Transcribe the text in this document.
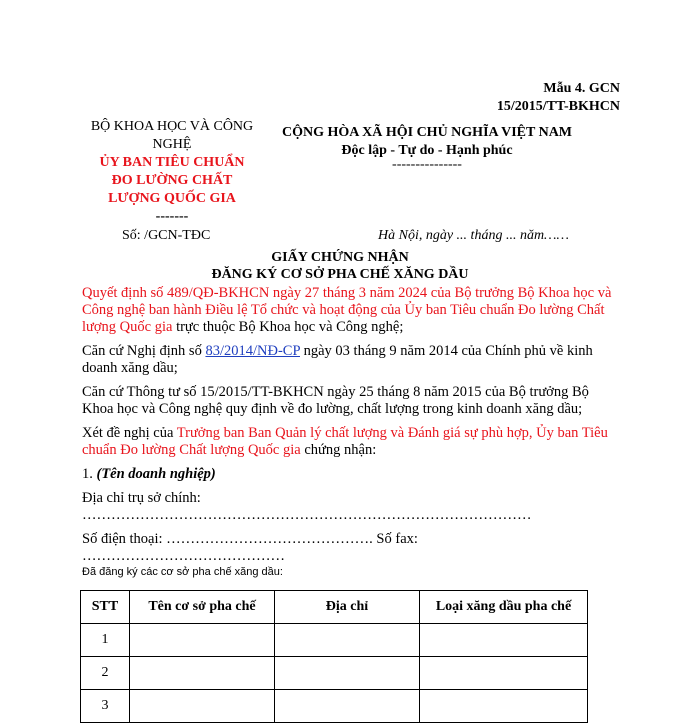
Mẫu 4. GCN
15/2015/TT-BKHCN
BỘ KHOA HỌC VÀ CÔNG
NGHỆ
ỦY BAN TIÊU CHUẨN
ĐO LƯỜNG CHẤT
LƯỢNG QUỐC GIA
-------
CỘNG HÒA XÃ HỘI CHỦ NGHĨA VIỆT NAM
Độc lập - Tự do - Hạnh phúc
---------------
Số: /GCN-TĐC	Hà Nội, ngày ... tháng ... năm……
GIẤY CHỨNG NHẬN
ĐĂNG KÝ CƠ SỞ PHA CHẾ XĂNG DẦU

Quyết định số 489/QĐ-BKHCN ngày 27 tháng 3 năm 2024 của Bộ trưởng Bộ Khoa học và Công nghệ ban hành Điều lệ Tổ chức và hoạt động của Ủy ban Tiêu chuẩn Đo lường Chất lượng Quốc gia trực thuộc Bộ Khoa học và Công nghệ;

Căn cứ Nghị định số 83/2014/NĐ-CP ngày 03 tháng 9 năm 2014 của Chính phủ về kinh doanh xăng dầu;

Căn cứ Thông tư số 15/2015/TT-BKHCN ngày 25 tháng 8 năm 2015 của Bộ trưởng Bộ Khoa học và Công nghệ quy định về đo lường, chất lượng trong kinh doanh xăng dầu;

Xét đề nghị của Trưởng ban Ban Quản lý chất lượng và Đánh giá sự phù hợp, Ủy ban Tiêu chuẩn Đo lường Chất lượng Quốc gia chứng nhận:

1. (Tên doanh nghiệp)

Địa chỉ trụ sở chính:

…………………………………………………………………………………

Số điện thoại: ……………………………………. Số fax:

……………………………………

Đã đăng ký các cơ sở pha chế xăng dầu:
STT	Tên cơ sở pha chế	Địa chỉ	Loại xăng dầu pha chế
1			
2			
3			
